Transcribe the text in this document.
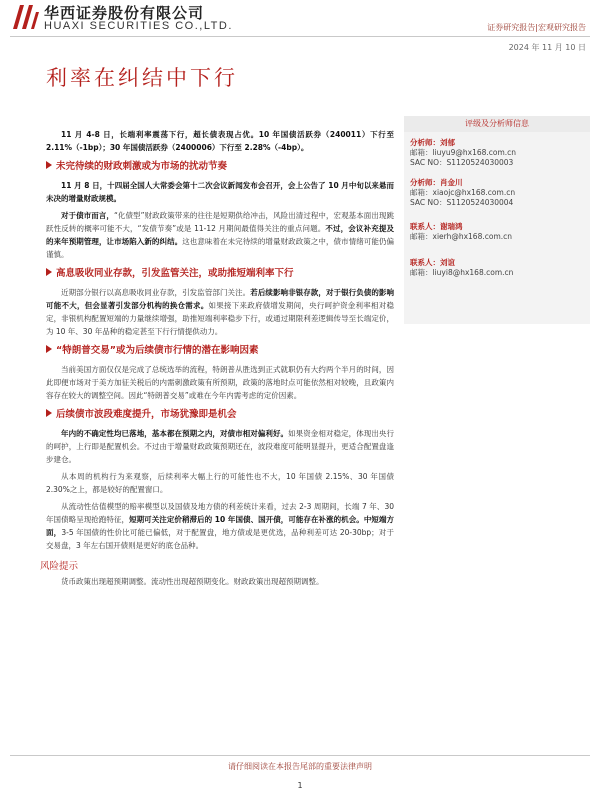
华西证券股份有限公司
HUAXI SECURITIES CO.,LTD.	证券研究报告|宏观研究报告
2024 年 11 月 10 日
利率在纠结中下行

11 月 4-8 日，长端利率震荡下行，超长债表现占优。10 年国债活跃券（240011）下行至 2.11%（-1bp）；30 年国债活跃券（2400006）下行至 2.28%（-4bp）。

未完待续的财政刺激或为市场的扰动节奏

11 月 8 日，十四届全国人大常委会第十二次会议新闻发布会召开，会上公告了 10 月中旬以来悬而未决的增量财政规模。

对于债市而言，“化债型”财政政策带来的往往是短期供给冲击，风险出清过程中，宏观基本面出现跳跃性反转的概率可能不大，“发债节奏”或是 11-12 月期间最值得关注的重点问题。不过，会议补充提及的来年预期管理，让市场陷入新的纠结。这也意味着在未完待续的增量财政政策之中，债市情绪可能仍偏谨慎。

高息吸收同业存款，引发监管关注，或助推短端利率下行

近期部分银行以高息吸收同业存款，引发监管部门关注。若后续影响非银存款，对于银行负债的影响可能不大，但会显著引发部分机构的换仓需求。如果接下来政府债增发期间，央行呵护资金利率相对稳定，非银机构配置短端的力量继续增强，助推短端利率稳步下行，或通过期限利差逻辑传导至长端定价，为 10 年、30 年品种的稳定甚至下行行情提供动力。

“特朗普交易”或为后续债市行情的潜在影响因素

当前美国方面仅仅是完成了总统选举的流程，特朗普从胜选到正式就职仍有大约两个半月的时间，因此即便市场对于美方加征关税后的内需刺激政策有所预期，政策的落地时点可能依然相对较晚，且政策内容存在较大的调整空间。因此“特朗普交易”或难在今年内需考虑的定价因素。

后续债市波段难度提升，市场犹豫即是机会

年内的不确定性均已落地，基本都在预期之内，对债市相对偏利好。如果资金相对稳定，体现出央行的呵护，上行即是配置机会。不过由于增量财政政策预期还在，波段难度可能明显提升，更适合配置盘逢步建仓。

从本周的机构行为来观察，后续利率大幅上行的可能性也不大，10 年国债 2.15%、30 年国债 2.30%之上，都是较好的配置窗口。

从流动性估值模型的赔率模型以及国债及地方债的利差统计来看，过去 2-3 周期间，长端 7 年、30 年国债略呈现抢跑特征，短期可关注定价稍滞后的 10 年国债、国开债，可能存在补涨的机会。中短端方面，3-5 年国债的性价比可能已偏低，对于配置盘，地方债或是更优选，品种利差可达 20-30bp；对于交易盘，3 年左右国开债则是更好的底仓品种。

风险提示

货币政策出现超预期调整。流动性出现超预期变化。财政政策出现超预期调整。

评级及分析师信息
分析师：刘郁
邮箱：liuyu9@hx168.com.cn
SAC NO：S1120524030003
分析师：肖金川
邮箱：xiaojc@hx168.com.cn
SAC NO：S1120524030004
联系人：谢瑞鸿
邮箱：xierh@hx168.com.cn
联系人：刘谊
邮箱：liuyi8@hx168.com.cn
请仔细阅读在本报告尾部的重要法律声明
1
